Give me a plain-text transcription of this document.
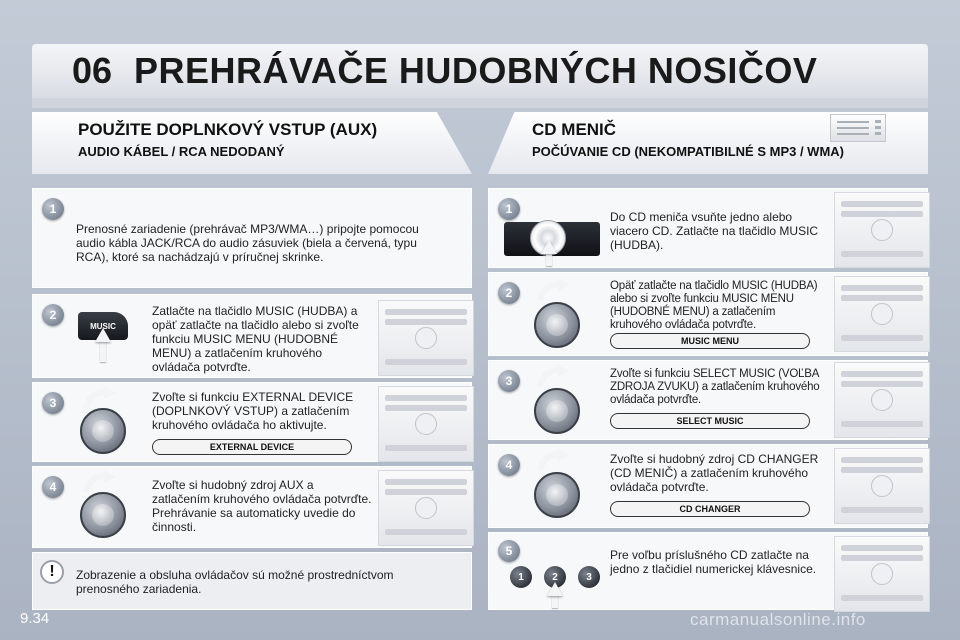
06 PREHRÁVAČE HUDOBNÝCH NOSIČOV
POUŽITE DOPLNKOVÝ VSTUP (AUX)
AUDIO KÁBEL / RCA NEDODANÝ
CD MENIČ
POČÚVANIE CD (NEKOMPATIBILNÉ S MP3 / WMA)
1
Prenosné zariadenie (prehrávač MP3/WMA…) pripojte pomocou audio kábla JACK/RCA do audio zásuviek (biela a červená, typu RCA), ktoré sa nachádzajú v príručnej skrinke.
2
MUSIC
Zatlačte na tlačidlo MUSIC (HUDBA) a opäť zatlačte na tlačidlo alebo si zvoľte funkciu MUSIC MENU (HUDOBNÉ MENU) a zatlačením kruhového ovládača potvrďte.
3	Zvoľte si funkciu EXTERNAL DEVICE (DOPLNKOVÝ VSTUP) a zatlačením kruhového ovládača ho aktivujte.
EXTERNAL DEVICE
4	Zvoľte si hudobný zdroj AUX a zatlačením kruhového ovládača potvrďte. Prehrávanie sa automaticky uvedie do činnosti.
!	Zobrazenie a obsluha ovládačov sú možné prostredníctvom prenosného zariadenia.
1
Do CD meniča vsuňte jedno alebo viacero CD. Zatlačte na tlačidlo MUSIC (HUDBA).
2	Opäť zatlačte na tlačidlo MUSIC (HUDBA) alebo si zvoľte funkciu MUSIC MENU (HUDOBNÉ MENU) a zatlačením kruhového ovládača potvrďte.
MUSIC MENU
3	Zvoľte si funkciu SELECT MUSIC (VOĽBA ZDROJA ZVUKU) a zatlačením kruhového ovládača potvrďte.
SELECT MUSIC
4	Zvoľte si hudobný zdroj CD CHANGER (CD MENIČ) a zatlačením kruhového ovládača potvrďte.
CD CHANGER
5
1	2	3
Pre voľbu príslušného CD zatlačte na jedno z tlačidiel numerickej klávesnice.
9.34	carmanualsonline.info
